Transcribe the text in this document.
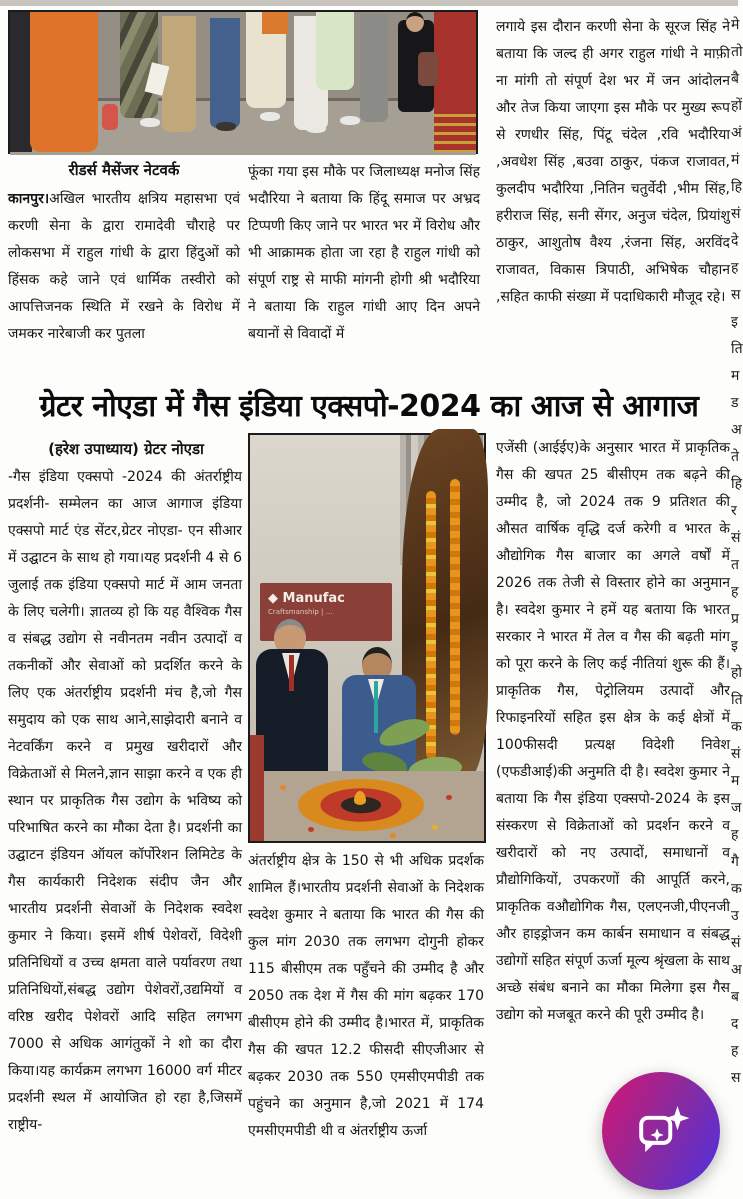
रीडर्स मैसेंजर नेटवर्क
कानपुर।अखिल भारतीय क्षत्रिय महासभा एवं करणी सेना के द्वारा रामादेवी चौराहे पर लोकसभा में राहुल गांधी के द्वारा हिंदुओं को हिंसक कहे जाने एवं धार्मिक तस्वीरो को आपत्तिजनक स्थिति में रखने के विरोध में जमकर नारेबाजी कर पुतला
फूंका गया इस मौके पर जिलाध्यक्ष मनोज सिंह भदौरिया ने बताया कि हिंदू समाज पर अभ्रद टिप्पणी किए जाने पर भारत भर में विरोध और भी आक्रामक होता जा रहा है राहुल गांधी को संपूर्ण राष्ट्र से माफी मांगनी होगी श्री भदौरिया ने बताया कि राहुल गांधी आए दिन अपने बयानों से विवादों में
लगाये इस दौरान करणी सेना के सूरज सिंह ने बताया कि जल्द ही अगर राहुल गांधी ने माफ़ी ना मांगी तो संपूर्ण देश भर में जन आंदोलन और तेज किया जाएगा इस मौके पर मुख्य रूप से रणधीर सिंह, पिंटू चंदेल ,रवि भदौरिया ,अवधेश सिंह ,बउवा ठाकुर, पंकज राजावत, कुलदीप भदौरिया ,नितिन चतुर्वेदी ,भीम सिंह, हरीराज सिंह, सनी सेंगर, अनुज चंदेल, प्रियांशु ठाकुर, आशुतोष वैश्य ,रंजना सिंह, अरविंद राजावत, विकास त्रिपाठी, अभिषेक चौहान ,सहित काफी संख्या में पदाधिकारी मौजूद रहे।
ग्रेटर नोएडा में गैस इंडिया एक्सपो-2024 का आज से आगाज
(हरेश उपाध्याय) ग्रेटर नोएडा
-गैस इंडिया एक्सपो -2024 की अंतर्राष्ट्रीय प्रदर्शनी- सम्मेलन का आज आगाज इंडिया एक्सपो मार्ट एंड सेंटर,ग्रेटर नोएडा- एन सीआर में उद्घाटन के साथ हो गया।यह प्रदर्शनी 4 से 6 जुलाई तक इंडिया एक्सपो मार्ट में आम जनता के लिए चलेगी। ज्ञातव्य हो कि यह वैश्विक गैस व संबद्ध उद्योग से नवीनतम नवीन उत्पादों व तकनीकों और सेवाओं को प्रदर्शित करने के लिए एक अंतर्राष्ट्रीय प्रदर्शनी मंच है,जो गैस समुदाय को एक साथ आने,साझेदारी बनाने व नेटवर्किंग करने व प्रमुख खरीदारों और विक्रेताओं से मिलने,ज्ञान साझा करने व एक ही स्थान पर प्राकृतिक गैस उद्योग के भविष्य को परिभाषित करने का मौका देता है। प्रदर्शनी का उद्घाटन इंडियन ऑयल कॉर्पोरेशन लिमिटेड के गैस कार्यकारी निदेशक संदीप जैन और भारतीय प्रदर्शनी सेवाओं के निदेशक स्वदेश कुमार ने किया। इसमें शीर्ष पेशेवरों, विदेशी प्रतिनिधियों व उच्च क्षमता वाले पर्यावरण तथा प्रतिनिधियों,संबद्ध उद्योग पेशेवरों,उद्यमियों व वरिष्ठ खरीद पेशेवरों आदि सहित लगभग 7000 से अधिक आगंतुकों ने शो का दौरा किया।यह कार्यक्रम लगभग 16000 वर्ग मीटर प्रदर्शनी स्थल में आयोजित हो रहा है,जिसमें राष्ट्रीय-
◆ Manufac
Craftsmanship | …
अंतर्राष्ट्रीय क्षेत्र के 150 से भी अधिक प्रदर्शक शामिल हैं।भारतीय प्रदर्शनी सेवाओं के निदेशक स्वदेश कुमार ने बताया कि भारत की गैस की कुल मांग 2030 तक लगभग दोगुनी होकर 115 बीसीएम तक पहुँचने की उम्मीद है और 2050 तक देश में गैस की मांग बढ़कर 170 बीसीएम होने की उम्मीद है।भारत में, प्राकृतिक गैस की खपत 12.2 फीसदी सीएजीआर से बढ़कर 2030 तक 550 एमसीएमपीडी तक पहुंचने का अनुमान है,जो 2021 में 174 एमसीएमपीडी थी व अंतर्राष्ट्रीय ऊर्जा
एजेंसी (आईईए)के अनुसार भारत में प्राकृतिक गैस की खपत 25 बीसीएम तक बढ़ने की उम्मीद है, जो 2024 तक 9 प्रतिशत की औसत वार्षिक वृद्धि दर्ज करेगी व भारत के औद्योगिक गैस बाजार का अगले वर्षों में 2026 तक तेजी से विस्तार होने का अनुमान है। स्वदेश कुमार ने हमें यह बताया कि भारत सरकार ने भारत में तेल व गैस की बढ़ती मांग को पूरा करने के लिए कई नीतियां शुरू की हैं। प्राकृतिक गैस, पेट्रोलियम उत्पादों और रिफाइनरियों सहित इस क्षेत्र के कई क्षेत्रों में 100फीसदी प्रत्यक्ष विदेशी निवेश (एफडीआई)की अनुमति दी है। स्वदेश कुमार ने बताया कि गैस इंडिया एक्सपो-2024 के इस संस्करण से विक्रेताओं को प्रदर्शन करने व खरीदारों को नए उत्पादों, समाधानों व प्रौद्योगिकियों, उपकरणों की आपूर्ति करने, प्राकृतिक वऔद्योगिक गैस, एलएनजी,पीएनजी और हाइड्रोजन कम कार्बन समाधान व संबद्ध उद्योगों सहित संपूर्ण ऊर्जा मूल्य श्रृंखला के साथ अच्छे संबंध बनाने का मौका मिलेगा इस गैस उद्योग को मजबूत करने की पूरी उम्मीद है।
मे
तो
बै
हों
अं
मं
हि
सं
दे
ह
स
इ
ति
म
ड
अ
ते
हि
र
सं
त
ह
प्र
इ
हो
ति
क
सं
म
ज
ह
गै
क
उ
सं
अ
ब
द
ह
स
